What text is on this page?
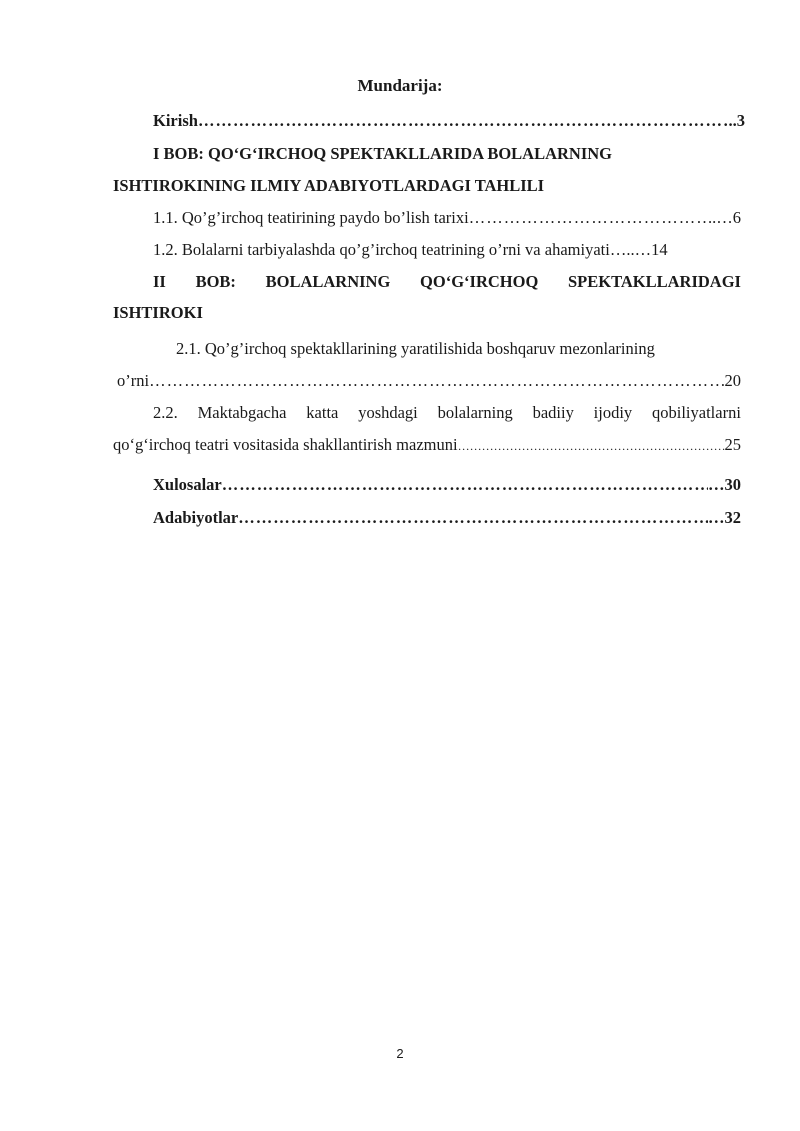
Mundarija:
Kirish ………………………………………………………………………………………………………………………………………………………………	..3
I BOB: QO‘G‘IRCHOQ SPEKTAKLLARIDA BOLALARNING
ISHTIROKINING ILMIY ADABIYOTLARDAGI TAHLILI
1.1. Qo’g’irchoq teatirining paydo bo’lish tarixi ………………………………………………………………………………………………………………………………………………………………	..…6
1.2. Bolalarni tarbiyalashda qo’g’irchoq teatrining o’rni va ahamiyati …..…14
II BOB: BOLALARNING QO‘G‘IRCHOQ SPEKTAKLLARIDAGI
ISHTIROKI
2.1. Qo’g’irchoq spektakllarining yaratilishida boshqaruv mezonlarining
o’rni ………………………………………………………………………………………………………………………………………………………………	20
2.2. Maktabgacha katta yoshdagi bolalarning badiiy ijodiy qobiliyatlarni
qo‘g‘irchoq teatri vositasida shakllantirish mazmuni ………………………………………………………………………………………………………………………………………………………………	25
Xulosalar ………………………………………………………………………………………………………………………………………………………………	…30
Adabiyotlar ………………………………………………………………………………………………………………………………………………………………	…32
2
